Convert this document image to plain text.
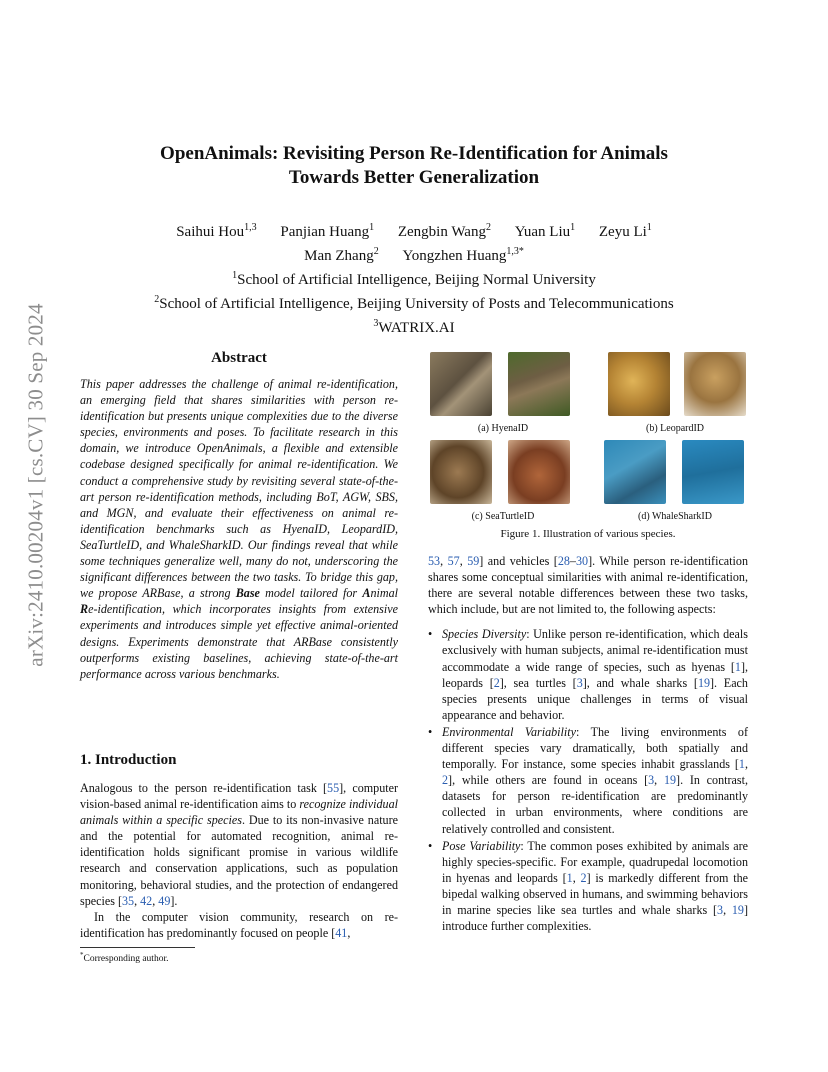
arXiv:2410.00204v1 [cs.CV] 30 Sep 2024
OpenAnimals: Revisiting Person Re-Identification for Animals
Towards Better Generalization
Saihui Hou$^{1,3}$ Panjian Huang$^1$ Zengbin Wang$^2$ Yuan Liu$^1$ Zeyu Li$^1$
Man Zhang$^2$ Yongzhen Huang$^{1,3*}$
$^1$School of Artificial Intelligence, Beijing Normal University
$^2$School of Artificial Intelligence, Beijing University of Posts and Telecommunications
$^3$WATRIX.AI
Abstract
This paper addresses the challenge of animal re-identification, an emerging field that shares similarities with person re-identification but presents unique complexities due to the diverse species, environments and poses. To facilitate research in this domain, we introduce OpenAnimals, a flexible and extensible codebase designed specifically for animal re-identification. We conduct a comprehensive study by revisiting several state-of-the-art person re-identification methods, including BoT, AGW, SBS, and MGN, and evaluate their effectiveness on animal re-identification benchmarks such as HyenaID, LeopardID, SeaTurtleID, and WhaleSharkID. Our findings reveal that while some techniques generalize well, many do not, underscoring the significant differences between the two tasks. To bridge this gap, we propose ARBase, a strong Base model tailored for Animal Re-identification, which incorporates insights from extensive experiments and introduces simple yet effective animal-oriented designs. Experiments demonstrate that ARBase consistently outperforms existing baselines, achieving state-of-the-art performance across various benchmarks.
1. Introduction

Analogous to the person re-identification task [55], computer vision-based animal re-identification aims to recognize individual animals within a specific species. Due to its non-invasive nature and the potential for automated recognition, animal re-identification holds significant promise in various wildlife research and conservation applications, such as population monitoring, behavioral studies, and the protection of endangered species [35, 42, 49].

In the computer vision community, research on re-identification has predominantly focused on people [41,

*Corresponding author.
(a) HyenaID	(b) LeopardID
(c) SeaTurtleID	(d) WhaleSharkID
Figure 1. Illustration of various species.

53, 57, 59] and vehicles [28–30]. While person re-identification shares some conceptual similarities with animal re-identification, there are several notable differences between these two tasks, which include, but are not limited to, the following aspects:

• Species Diversity: Unlike person re-identification, which deals exclusively with human subjects, animal re-identification must accommodate a wide range of species, such as hyenas [1], leopards [2], sea turtles [3], and whale sharks [19]. Each species presents unique challenges in terms of visual appearance and behavior.
• Environmental Variability: The living environments of different species vary dramatically, both spatially and temporally. For instance, some species inhabit grasslands [1, 2], while others are found in oceans [3, 19]. In contrast, datasets for person re-identification are predominantly collected in urban environments, where conditions are relatively controlled and consistent.
• Pose Variability: The common poses exhibited by animals are highly species-specific. For example, quadrupedal locomotion in hyenas and leopards [1, 2] is markedly different from the bipedal walking observed in humans, and swimming behaviors in marine species like sea turtles and whale sharks [3, 19] introduce further complexities.
